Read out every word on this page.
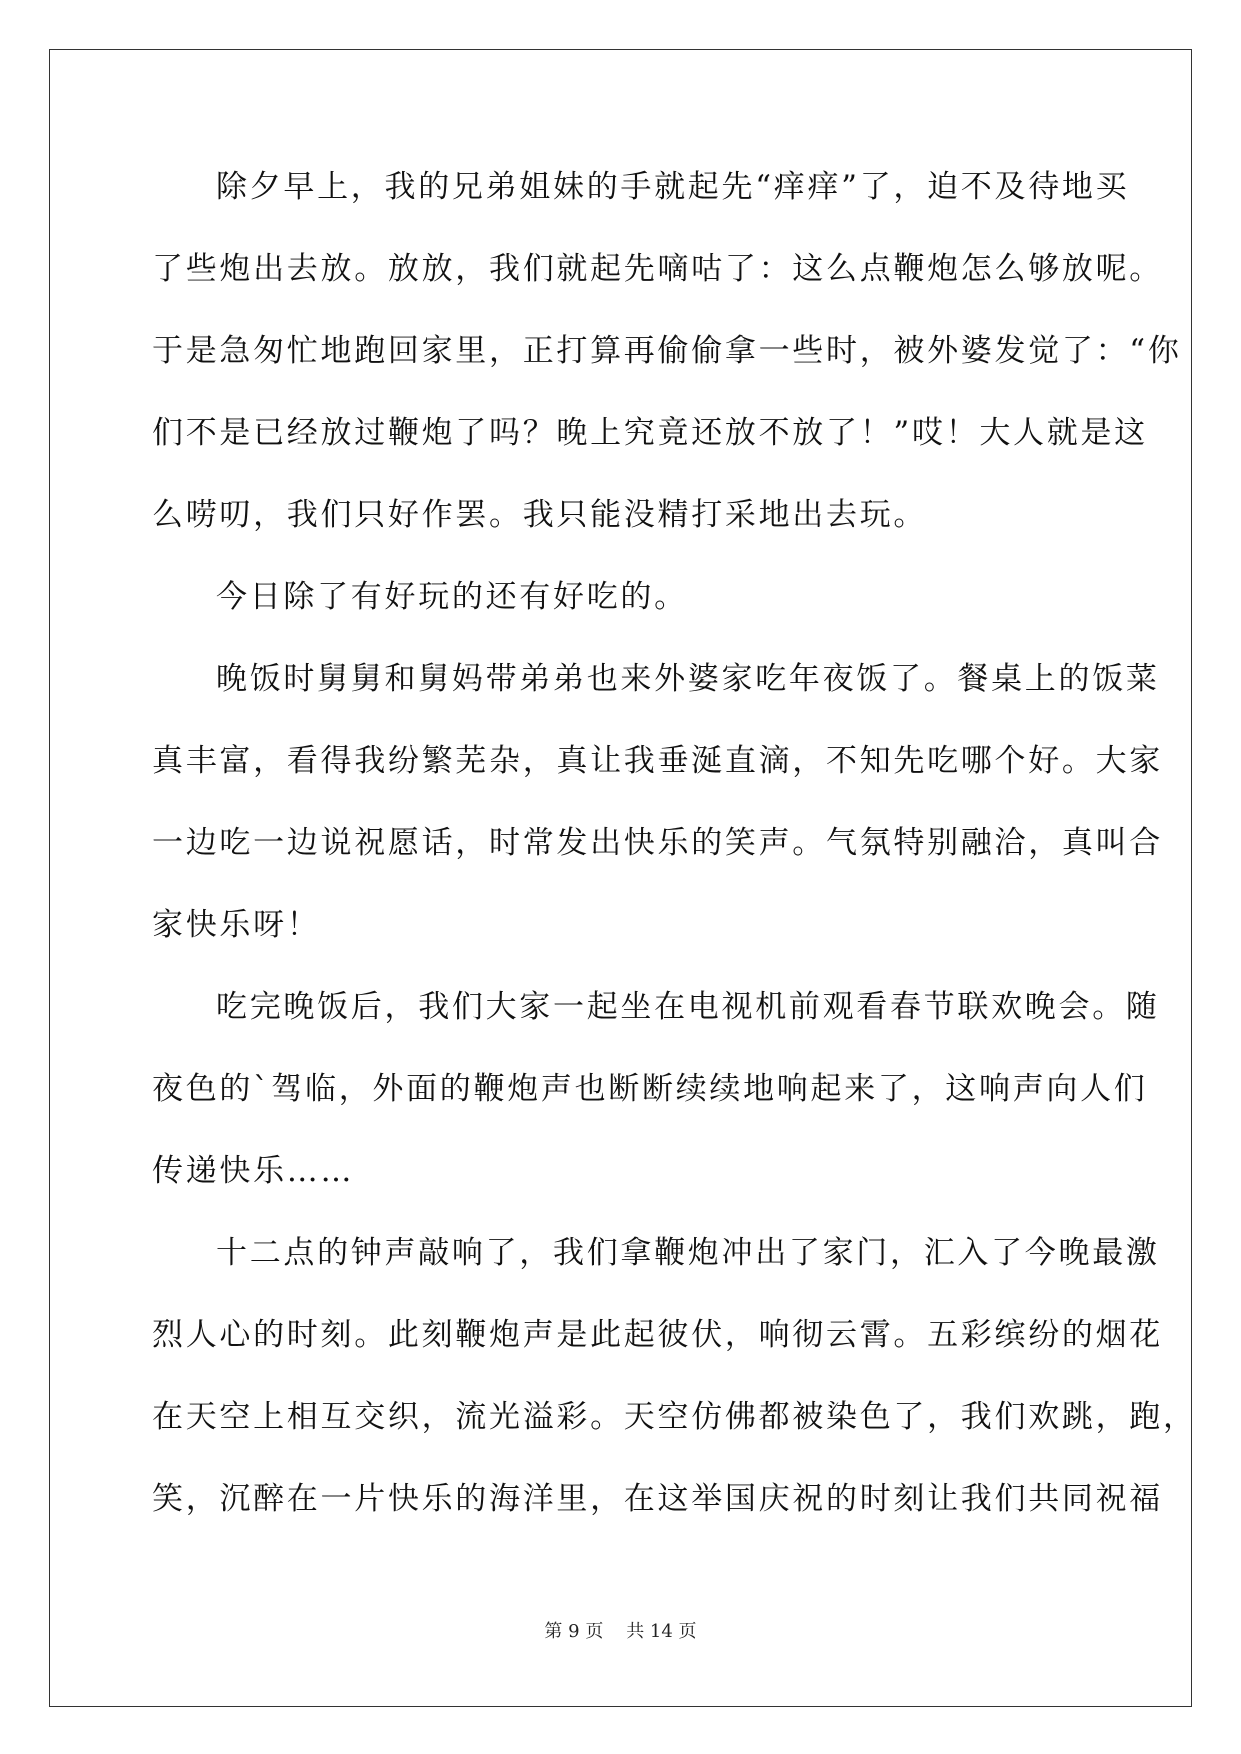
除夕早上，我的兄弟姐妹的手就起先“痒痒”了，迫不及待地买
了些炮出去放。放放，我们就起先嘀咕了：这么点鞭炮怎么够放呢。
于是急匆忙地跑回家里，正打算再偷偷拿一些时，被外婆发觉了：“你
们不是已经放过鞭炮了吗？晚上究竟还放不放了！”哎！大人就是这
么唠叨，我们只好作罢。我只能没精打采地出去玩。
今日除了有好玩的还有好吃的。
晚饭时舅舅和舅妈带弟弟也来外婆家吃年夜饭了。餐桌上的饭菜
真丰富，看得我纷繁芜杂，真让我垂涎直滴，不知先吃哪个好。大家
一边吃一边说祝愿话，时常发出快乐的笑声。气氛特别融洽，真叫合
家快乐呀！
吃完晚饭后，我们大家一起坐在电视机前观看春节联欢晚会。随
夜色的`驾临，外面的鞭炮声也断断续续地响起来了，这响声向人们
传递快乐……
十二点的钟声敲响了，我们拿鞭炮冲出了家门，汇入了今晚最激
烈人心的时刻。此刻鞭炮声是此起彼伏，响彻云霄。五彩缤纷的烟花
在天空上相互交织，流光溢彩。天空仿佛都被染色了，我们欢跳，跑，
笑，沉醉在一片快乐的海洋里，在这举国庆祝的时刻让我们共同祝福
第 9 页    共 14 页
